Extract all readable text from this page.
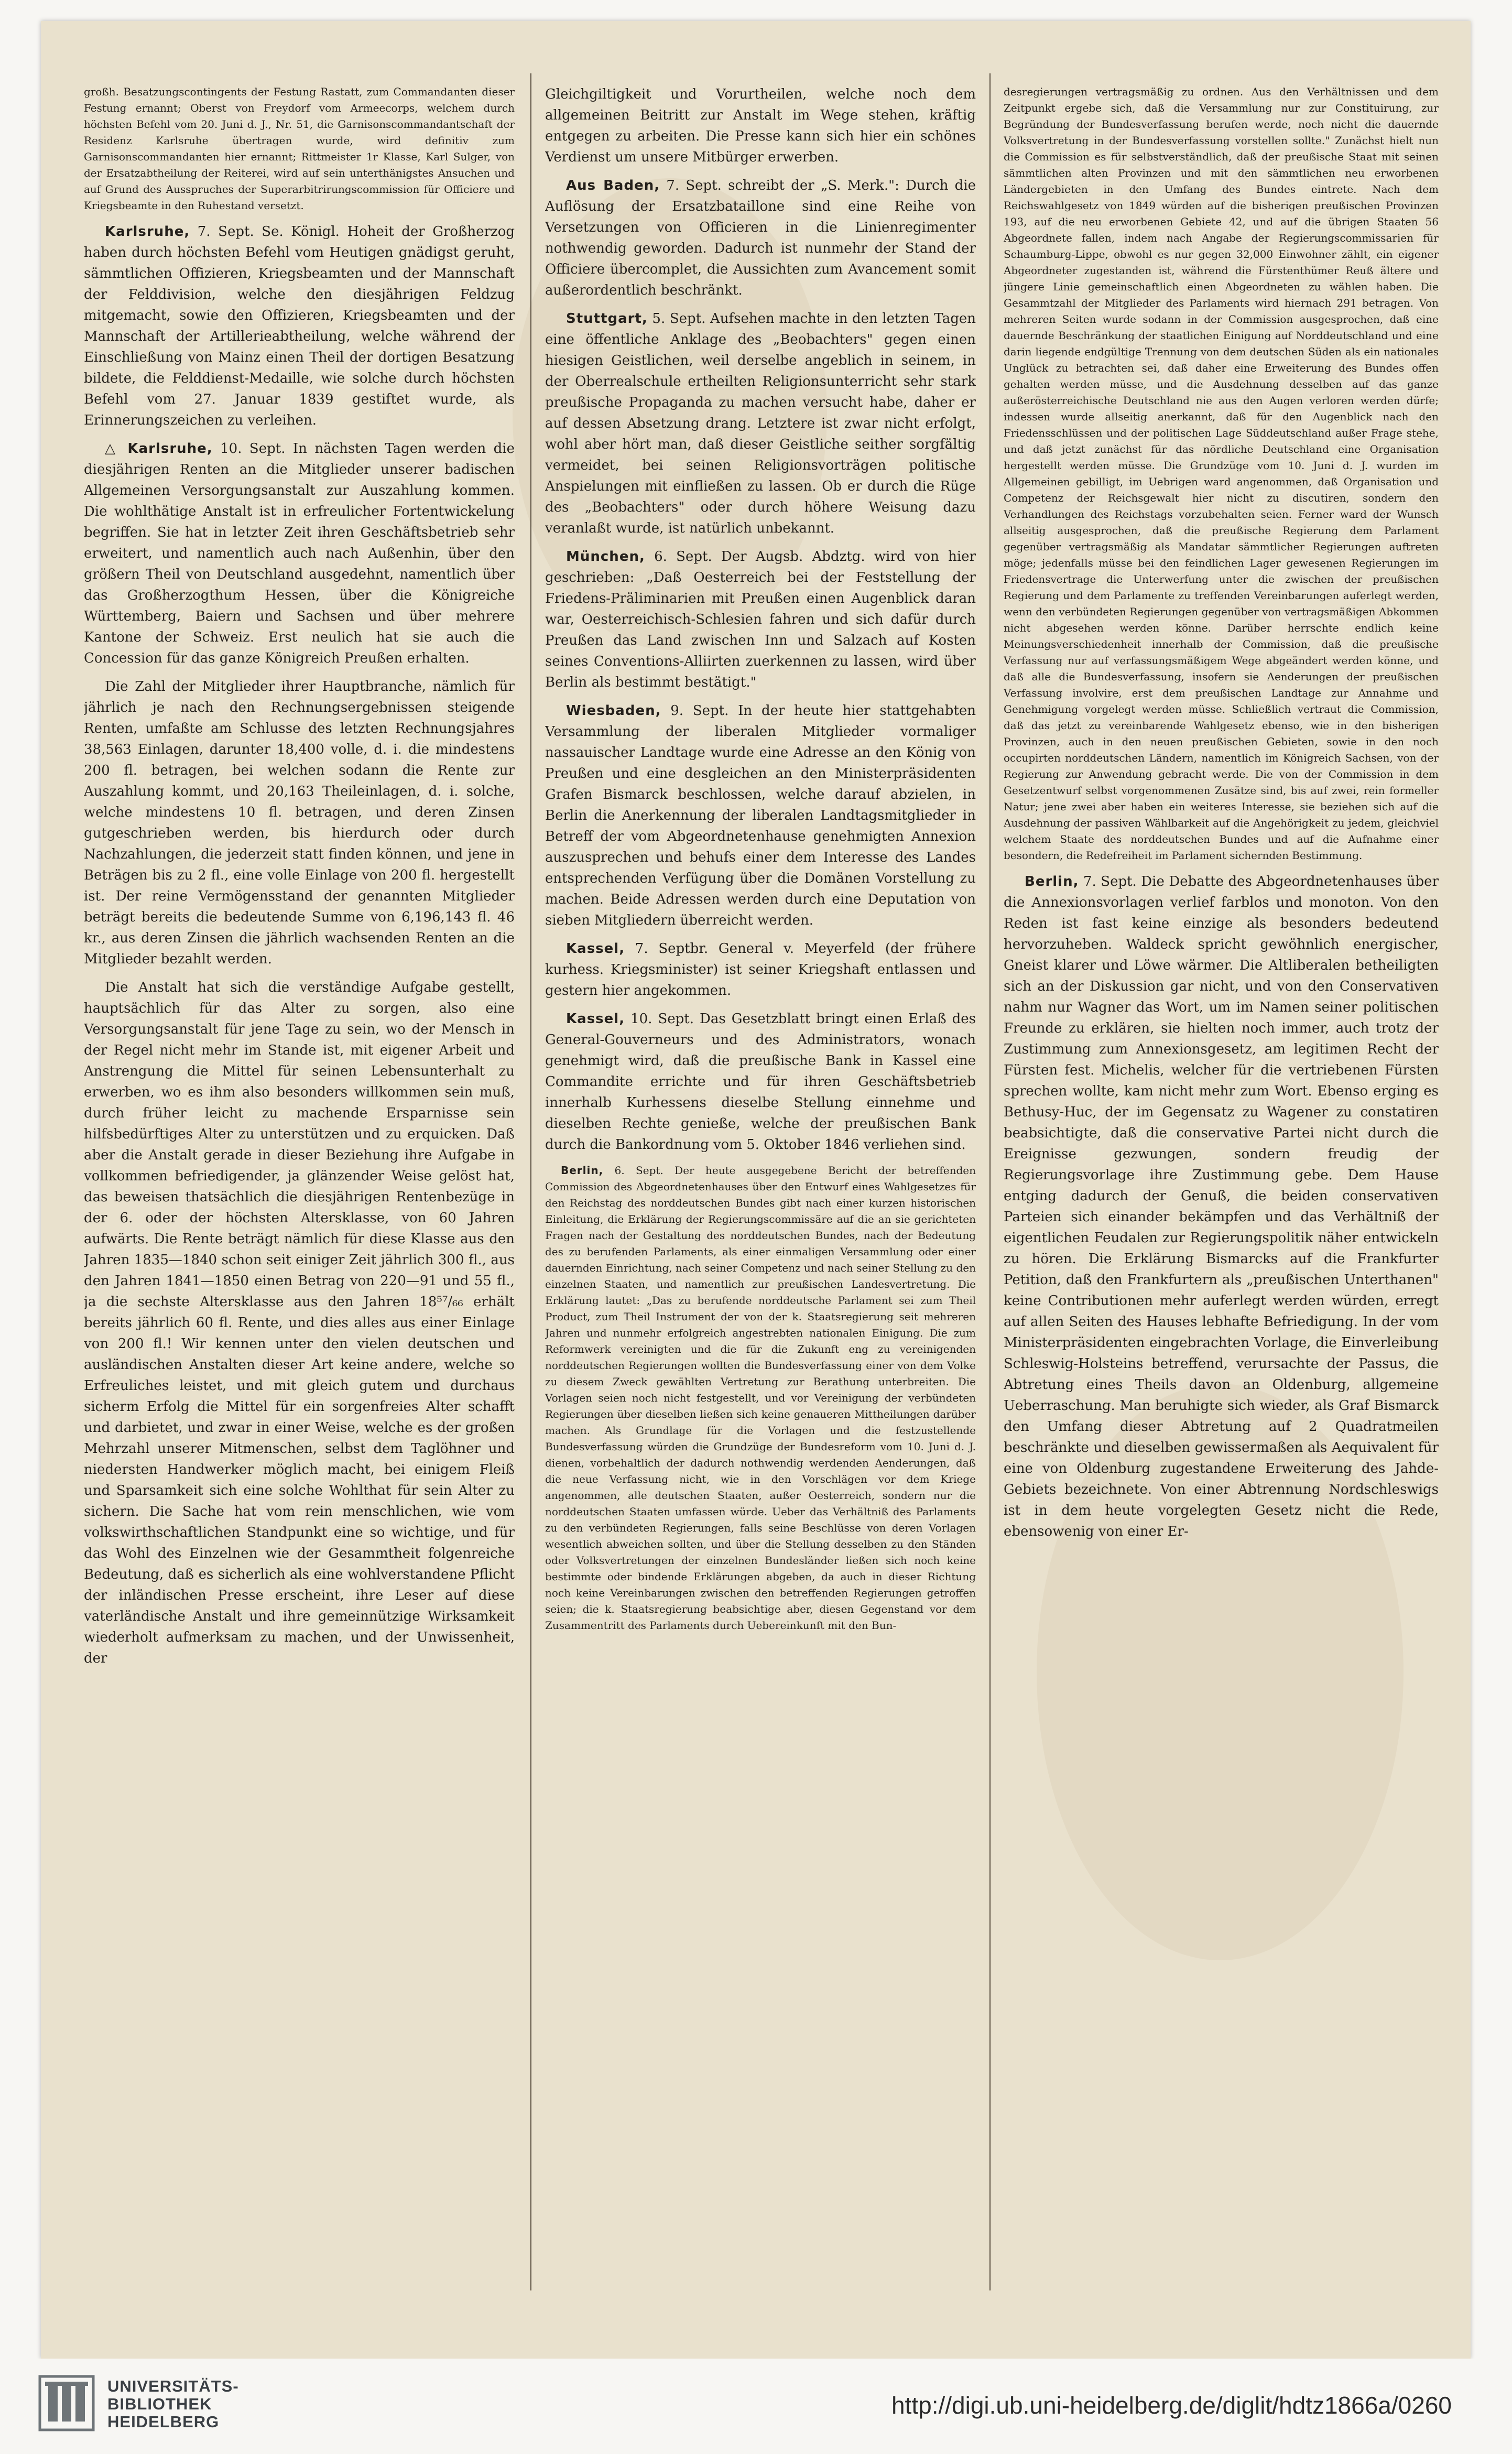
großh. Besatzungscontingents der Festung Rastatt, zum Commandanten dieser Festung ernannt; Oberst von Freydorf vom Armeecorps, welchem durch höchsten Befehl vom 20. Juni d. J., Nr. 51, die Garnisonscommandantschaft der Residenz Karlsruhe übertragen wurde, wird definitiv zum Garnisonscommandanten hier ernannt; Rittmeister 1r Klasse, Karl Sulger, von der Ersatzabtheilung der Reiterei, wird auf sein unterthänigstes Ansuchen und auf Grund des Ausspruches der Superarbitrirungscommission für Officiere und Kriegsbeamte in den Ruhestand versetzt.

Karlsruhe, 7. Sept. Se. Königl. Hoheit der Großherzog haben durch höchsten Befehl vom Heutigen gnädigst geruht, sämmtlichen Offizieren, Kriegsbeamten und der Mannschaft der Felddivision, welche den diesjährigen Feldzug mitgemacht, sowie den Offizieren, Kriegsbeamten und der Mannschaft der Artillerieabtheilung, welche während der Einschließung von Mainz einen Theil der dortigen Besatzung bildete, die Felddienst-Medaille, wie solche durch höchsten Befehl vom 27. Januar 1839 gestiftet wurde, als Erinnerungszeichen zu verleihen.

△ Karlsruhe, 10. Sept. In nächsten Tagen werden die diesjährigen Renten an die Mitglieder unserer badischen Allgemeinen Versorgungsanstalt zur Auszahlung kommen. Die wohlthätige Anstalt ist in erfreulicher Fortentwickelung begriffen. Sie hat in letzter Zeit ihren Geschäftsbetrieb sehr erweitert, und namentlich auch nach Außenhin, über den größern Theil von Deutschland ausgedehnt, namentlich über das Großherzogthum Hessen, über die Königreiche Württemberg, Baiern und Sachsen und über mehrere Kantone der Schweiz. Erst neulich hat sie auch die Concession für das ganze Königreich Preußen erhalten.

Die Zahl der Mitglieder ihrer Hauptbranche, nämlich für jährlich je nach den Rechnungsergebnissen steigende Renten, umfaßte am Schlusse des letzten Rechnungsjahres 38,563 Einlagen, darunter 18,400 volle, d. i. die mindestens 200 fl. betragen, bei welchen sodann die Rente zur Auszahlung kommt, und 20,163 Theileinlagen, d. i. solche, welche mindestens 10 fl. betragen, und deren Zinsen gutgeschrieben werden, bis hierdurch oder durch Nachzahlungen, die jederzeit statt finden können, und jene in Beträgen bis zu 2 fl., eine volle Einlage von 200 fl. hergestellt ist. Der reine Vermögensstand der genannten Mitglieder beträgt bereits die bedeutende Summe von 6,196,143 fl. 46 kr., aus deren Zinsen die jährlich wachsenden Renten an die Mitglieder bezahlt werden.

Die Anstalt hat sich die verständige Aufgabe gestellt, hauptsächlich für das Alter zu sorgen, also eine Versorgungsanstalt für jene Tage zu sein, wo der Mensch in der Regel nicht mehr im Stande ist, mit eigener Arbeit und Anstrengung die Mittel für seinen Lebensunterhalt zu erwerben, wo es ihm also besonders willkommen sein muß, durch früher leicht zu machende Ersparnisse sein hilfsbedürftiges Alter zu unterstützen und zu erquicken. Daß aber die Anstalt gerade in dieser Beziehung ihre Aufgabe in vollkommen befriedigender, ja glänzender Weise gelöst hat, das beweisen thatsächlich die diesjährigen Rentenbezüge in der 6. oder der höchsten Altersklasse, von 60 Jahren aufwärts. Die Rente beträgt nämlich für diese Klasse aus den Jahren 1835—1840 schon seit einiger Zeit jährlich 300 fl., aus den Jahren 1841—1850 einen Betrag von 220—91 und 55 fl., ja die sechste Altersklasse aus den Jahren 18⁵⁷/₆₆ erhält bereits jährlich 60 fl. Rente, und dies alles aus einer Einlage von 200 fl.! Wir kennen unter den vielen deutschen und ausländischen Anstalten dieser Art keine andere, welche so Erfreuliches leistet, und mit gleich gutem und durchaus sicherm Erfolg die Mittel für ein sorgenfreies Alter schafft und darbietet, und zwar in einer Weise, welche es der großen Mehrzahl unserer Mitmenschen, selbst dem Taglöhner und niedersten Handwerker möglich macht, bei einigem Fleiß und Sparsamkeit sich eine solche Wohlthat für sein Alter zu sichern. Die Sache hat vom rein menschlichen, wie vom volkswirthschaftlichen Standpunkt eine so wichtige, und für das Wohl des Einzelnen wie der Gesammtheit folgenreiche Bedeutung, daß es sicherlich als eine wohlverstandene Pflicht der inländischen Presse erscheint, ihre Leser auf diese vaterländische Anstalt und ihre gemeinnützige Wirksamkeit wiederholt aufmerksam zu machen, und der Unwissenheit, der

Gleichgiltigkeit und Vorurtheilen, welche noch dem allgemeinen Beitritt zur Anstalt im Wege stehen, kräftig entgegen zu arbeiten. Die Presse kann sich hier ein schönes Verdienst um unsere Mitbürger erwerben.

Aus Baden, 7. Sept. schreibt der „S. Merk.": Durch die Auflösung der Ersatzbataillone sind eine Reihe von Versetzungen von Officieren in die Linienregimenter nothwendig geworden. Dadurch ist nunmehr der Stand der Officiere übercomplet, die Aussichten zum Avancement somit außerordentlich beschränkt.

Stuttgart, 5. Sept. Aufsehen machte in den letzten Tagen eine öffentliche Anklage des „Beobachters" gegen einen hiesigen Geistlichen, weil derselbe angeblich in seinem, in der Oberrealschule ertheilten Religionsunterricht sehr stark preußische Propaganda zu machen versucht habe, daher er auf dessen Absetzung drang. Letztere ist zwar nicht erfolgt, wohl aber hört man, daß dieser Geistliche seither sorgfältig vermeidet, bei seinen Religionsvorträgen politische Anspielungen mit einfließen zu lassen. Ob er durch die Rüge des „Beobachters" oder durch höhere Weisung dazu veranlaßt wurde, ist natürlich unbekannt.

München, 6. Sept. Der Augsb. Abdztg. wird von hier geschrieben: „Daß Oesterreich bei der Feststellung der Friedens-Präliminarien mit Preußen einen Augenblick daran war, Oesterreichisch-Schlesien fahren und sich dafür durch Preußen das Land zwischen Inn und Salzach auf Kosten seines Conventions-Alliirten zuerkennen zu lassen, wird über Berlin als bestimmt bestätigt."

Wiesbaden, 9. Sept. In der heute hier stattgehabten Versammlung der liberalen Mitglieder vormaliger nassauischer Landtage wurde eine Adresse an den König von Preußen und eine desgleichen an den Ministerpräsidenten Grafen Bismarck beschlossen, welche darauf abzielen, in Berlin die Anerkennung der liberalen Landtagsmitglieder in Betreff der vom Abgeordnetenhause genehmigten Annexion auszusprechen und behufs einer dem Interesse des Landes entsprechenden Verfügung über die Domänen Vorstellung zu machen. Beide Adressen werden durch eine Deputation von sieben Mitgliedern überreicht werden.

Kassel, 7. Septbr. General v. Meyerfeld (der frühere kurhess. Kriegsminister) ist seiner Kriegshaft entlassen und gestern hier angekommen.

Kassel, 10. Sept. Das Gesetzblatt bringt einen Erlaß des General-Gouverneurs und des Administrators, wonach genehmigt wird, daß die preußische Bank in Kassel eine Commandite errichte und für ihren Geschäftsbetrieb innerhalb Kurhessens dieselbe Stellung einnehme und dieselben Rechte genieße, welche der preußischen Bank durch die Bankordnung vom 5. Oktober 1846 verliehen sind.

Berlin, 6. Sept. Der heute ausgegebene Bericht der betreffenden Commission des Abgeordnetenhauses über den Entwurf eines Wahlgesetzes für den Reichstag des norddeutschen Bundes gibt nach einer kurzen historischen Einleitung, die Erklärung der Regierungscommissäre auf die an sie gerichteten Fragen nach der Gestaltung des norddeutschen Bundes, nach der Bedeutung des zu berufenden Parlaments, als einer einmaligen Versammlung oder einer dauernden Einrichtung, nach seiner Competenz und nach seiner Stellung zu den einzelnen Staaten, und namentlich zur preußischen Landesvertretung. Die Erklärung lautet: „Das zu berufende norddeutsche Parlament sei zum Theil Product, zum Theil Instrument der von der k. Staatsregierung seit mehreren Jahren und nunmehr erfolgreich angestrebten nationalen Einigung. Die zum Reformwerk vereinigten und die für die Zukunft eng zu vereinigenden norddeutschen Regierungen wollten die Bundesverfassung einer von dem Volke zu diesem Zweck gewählten Vertretung zur Berathung unterbreiten. Die Vorlagen seien noch nicht festgestellt, und vor Vereinigung der verbündeten Regierungen über dieselben ließen sich keine genaueren Mittheilungen darüber machen. Als Grundlage für die Vorlagen und die festzustellende Bundesverfassung würden die Grundzüge der Bundesreform vom 10. Juni d. J. dienen, vorbehaltlich der dadurch nothwendig werdenden Aenderungen, daß die neue Verfassung nicht, wie in den Vorschlägen vor dem Kriege angenommen, alle deutschen Staaten, außer Oesterreich, sondern nur die norddeutschen Staaten umfassen würde. Ueber das Verhältniß des Parlaments zu den verbündeten Regierungen, falls seine Beschlüsse von deren Vorlagen wesentlich abweichen sollten, und über die Stellung desselben zu den Ständen oder Volksvertretungen der einzelnen Bundesländer ließen sich noch keine bestimmte oder bindende Erklärungen abgeben, da auch in dieser Richtung noch keine Vereinbarungen zwischen den betreffenden Regierungen getroffen seien; die k. Staatsregierung beabsichtige aber, diesen Gegenstand vor dem Zusammentritt des Parlaments durch Uebereinkunft mit den Bun-

desregierungen vertragsmäßig zu ordnen. Aus den Verhältnissen und dem Zeitpunkt ergebe sich, daß die Versammlung nur zur Constituirung, zur Begründung der Bundesverfassung berufen werde, noch nicht die dauernde Volksvertretung in der Bundesverfassung vorstellen sollte." Zunächst hielt nun die Commission es für selbstverständlich, daß der preußische Staat mit seinen sämmtlichen alten Provinzen und mit den sämmtlichen neu erworbenen Ländergebieten in den Umfang des Bundes eintrete. Nach dem Reichswahlgesetz von 1849 würden auf die bisherigen preußischen Provinzen 193, auf die neu erworbenen Gebiete 42, und auf die übrigen Staaten 56 Abgeordnete fallen, indem nach Angabe der Regierungscommissarien für Schaumburg-Lippe, obwohl es nur gegen 32,000 Einwohner zählt, ein eigener Abgeordneter zugestanden ist, während die Fürstenthümer Reuß ältere und jüngere Linie gemeinschaftlich einen Abgeordneten zu wählen haben. Die Gesammtzahl der Mitglieder des Parlaments wird hiernach 291 betragen. Von mehreren Seiten wurde sodann in der Commission ausgesprochen, daß eine dauernde Beschränkung der staatlichen Einigung auf Norddeutschland und eine darin liegende endgültige Trennung von dem deutschen Süden als ein nationales Unglück zu betrachten sei, daß daher eine Erweiterung des Bundes offen gehalten werden müsse, und die Ausdehnung desselben auf das ganze außerösterreichische Deutschland nie aus den Augen verloren werden dürfe; indessen wurde allseitig anerkannt, daß für den Augenblick nach den Friedensschlüssen und der politischen Lage Süddeutschland außer Frage stehe, und daß jetzt zunächst für das nördliche Deutschland eine Organisation hergestellt werden müsse. Die Grundzüge vom 10. Juni d. J. wurden im Allgemeinen gebilligt, im Uebrigen ward angenommen, daß Organisation und Competenz der Reichsgewalt hier nicht zu discutiren, sondern den Verhandlungen des Reichstags vorzubehalten seien. Ferner ward der Wunsch allseitig ausgesprochen, daß die preußische Regierung dem Parlament gegenüber vertragsmäßig als Mandatar sämmtlicher Regierungen auftreten möge; jedenfalls müsse bei den feindlichen Lager gewesenen Regierungen im Friedensvertrage die Unterwerfung unter die zwischen der preußischen Regierung und dem Parlamente zu treffenden Vereinbarungen auferlegt werden, wenn den verbündeten Regierungen gegenüber von vertragsmäßigen Abkommen nicht abgesehen werden könne. Darüber herrschte endlich keine Meinungsverschiedenheit innerhalb der Commission, daß die preußische Verfassung nur auf verfassungsmäßigem Wege abgeändert werden könne, und daß alle die Bundesverfassung, insofern sie Aenderungen der preußischen Verfassung involvire, erst dem preußischen Landtage zur Annahme und Genehmigung vorgelegt werden müsse. Schließlich vertraut die Commission, daß das jetzt zu vereinbarende Wahlgesetz ebenso, wie in den bisherigen Provinzen, auch in den neuen preußischen Gebieten, sowie in den noch occupirten norddeutschen Ländern, namentlich im Königreich Sachsen, von der Regierung zur Anwendung gebracht werde. Die von der Commission in dem Gesetzentwurf selbst vorgenommenen Zusätze sind, bis auf zwei, rein formeller Natur; jene zwei aber haben ein weiteres Interesse, sie beziehen sich auf die Ausdehnung der passiven Wählbarkeit auf die Angehörigkeit zu jedem, gleichviel welchem Staate des norddeutschen Bundes und auf die Aufnahme einer besondern, die Redefreiheit im Parlament sichernden Bestimmung.

Berlin, 7. Sept. Die Debatte des Abgeordnetenhauses über die Annexionsvorlagen verlief farblos und monoton. Von den Reden ist fast keine einzige als besonders bedeutend hervorzuheben. Waldeck spricht gewöhnlich energischer, Gneist klarer und Löwe wärmer. Die Altliberalen betheiligten sich an der Diskussion gar nicht, und von den Conservativen nahm nur Wagner das Wort, um im Namen seiner politischen Freunde zu erklären, sie hielten noch immer, auch trotz der Zustimmung zum Annexionsgesetz, am legitimen Recht der Fürsten fest. Michelis, welcher für die vertriebenen Fürsten sprechen wollte, kam nicht mehr zum Wort. Ebenso erging es Bethusy-Huc, der im Gegensatz zu Wagener zu constatiren beabsichtigte, daß die conservative Partei nicht durch die Ereignisse gezwungen, sondern freudig der Regierungsvorlage ihre Zustimmung gebe. Dem Hause entging dadurch der Genuß, die beiden conservativen Parteien sich einander bekämpfen und das Verhältniß der eigentlichen Feudalen zur Regierungspolitik näher entwickeln zu hören. Die Erklärung Bismarcks auf die Frankfurter Petition, daß den Frankfurtern als „preußischen Unterthanen" keine Contributionen mehr auferlegt werden würden, erregt auf allen Seiten des Hauses lebhafte Befriedigung. In der vom Ministerpräsidenten eingebrachten Vorlage, die Einverleibung Schleswig-Holsteins betreffend, verursachte der Passus, die Abtretung eines Theils davon an Oldenburg, allgemeine Ueberraschung. Man beruhigte sich wieder, als Graf Bismarck den Umfang dieser Abtretung auf 2 Quadratmeilen beschränkte und dieselben gewissermaßen als Aequivalent für eine von Oldenburg zugestandene Erweiterung des Jahde-Gebiets bezeichnete. Von einer Abtrennung Nordschleswigs ist in dem heute vorgelegten Gesetz nicht die Rede, ebensowenig von einer Er-

UNIVERSITÄTS-
BIBLIOTHEK
HEIDELBERG
http://digi.ub.uni-heidelberg.de/diglit/hdtz1866a/0260
